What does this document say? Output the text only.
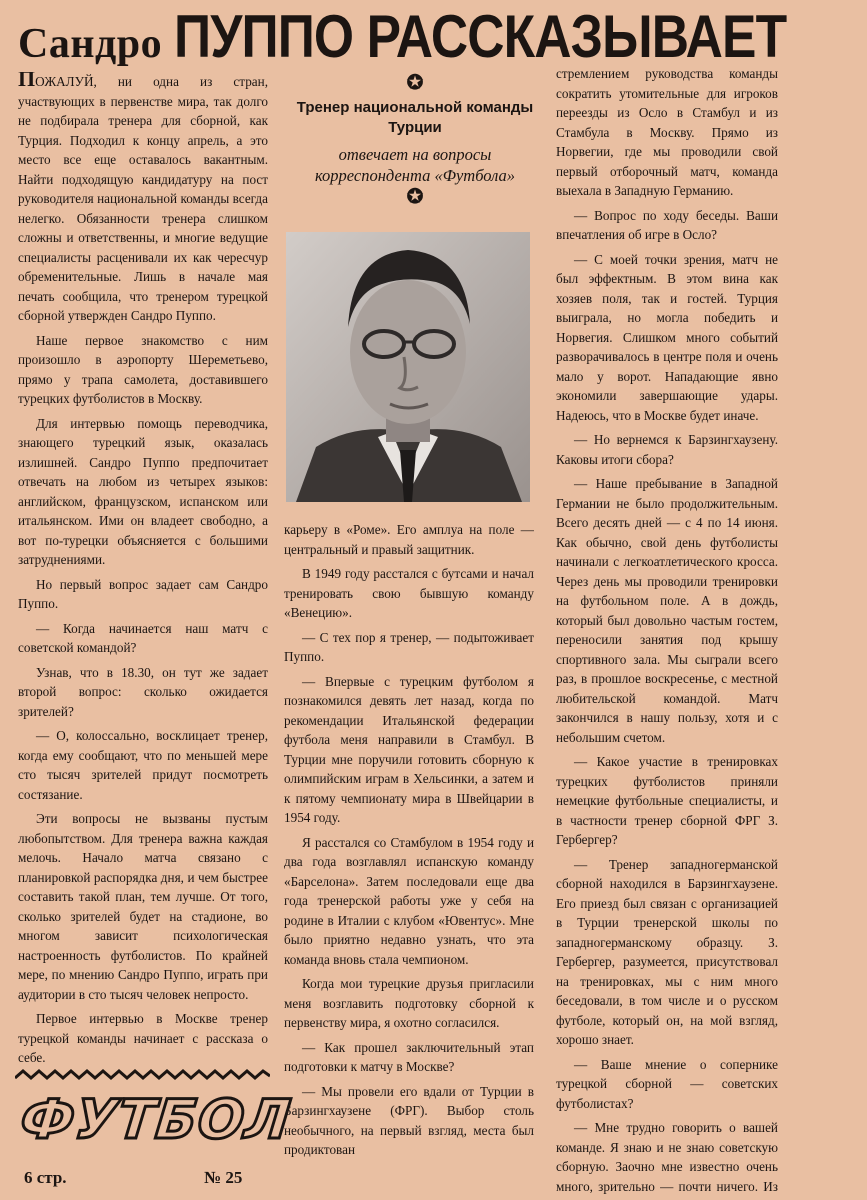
Сандро ПУППО РАССКАЗЫВАЕТ

ПОЖАЛУЙ, ни одна из стран, участвующих в первенстве мира, так долго не подбирала тренера для сборной, как Турция. Подходил к концу апрель, а это место все еще оставалось вакантным. Найти подходящую кандидатуру на пост руководителя национальной команды всегда нелегко. Обязанности тренера слишком сложны и ответственны, и многие ведущие специалисты расценивали их как чересчур обременительные. Лишь в начале мая печать сообщила, что тренером турецкой сборной утвержден Сандро Пуппо.

Наше первое знакомство с ним произошло в аэропорту Шереметьево, прямо у трапа самолета, доставившего турецких футболистов в Москву.

Для интервью помощь переводчика, знающего турецкий язык, оказалась излишней. Сандро Пуппо предпочитает отвечать на любом из четырех языков: английском, французском, испанском или итальянском. Ими он владеет свободно, а вот по-турецки объясняется с большими затруднениями.

Но первый вопрос задает сам Сандро Пуппо.

— Когда начинается наш матч с советской командой?

Узнав, что в 18.30, он тут же задает второй вопрос: сколько ожидается зрителей?

— О, колоссально, восклицает тренер, когда ему сообщают, что по меньшей мере сто тысяч зрителей придут посмотреть состязание.

Эти вопросы не вызваны пустым любопытством. Для тренера важна каждая мелочь. Начало матча связано с планировкой распорядка дня, и чем быстрее составить такой план, тем лучше. От того, сколько зрителей будет на стадионе, во многом зависит психологическая настроенность футболистов. По крайней мере, по мнению Сандро Пуппо, играть при аудитории в сто тысяч человек непросто.

Первое интервью в Москве тренер турецкой команды начинает с рассказа о себе.

✪
Тренер национальной команды Турции
отвечает на вопросы корреспондента «Футбола»
✪

карьеру в «Роме». Его амплуа на поле — центральный и правый защитник.

В 1949 году расстался с бутсами и начал тренировать свою бывшую команду «Венецию».

— С тех пор я тренер, — подытоживает Пуппо.

— Впервые с турецким футболом я познакомился девять лет назад, когда по рекомендации Итальянской федерации футбола меня направили в Стамбул. В Турции мне поручили готовить сборную к олимпийским играм в Хельсинки, а затем и к пятому чемпионату мира в Швейцарии в 1954 году.

Я расстался со Стамбулом в 1954 году и два года возглавлял испанскую команду «Барселона». Затем последовали еще два года тренерской работы уже у себя на родине в Италии с клубом «Ювентус». Мне было приятно недавно узнать, что эта команда вновь стала чемпионом.

Когда мои турецкие друзья пригласили меня возглавить подготовку сборной к первенству мира, я охотно согласился.

— Как прошел заключительный этап подготовки к матчу в Москве?

— Мы провели его вдали от Турции в Барзингхаузене (ФРГ). Выбор столь необычного, на первый взгляд, места был продиктован

стремлением руководства команды сократить утомительные для игроков переезды из Осло в Стамбул и из Стамбула в Москву. Прямо из Норвегии, где мы проводили свой первый отборочный матч, команда выехала в Западную Германию.

— Вопрос по ходу беседы. Ваши впечатления об игре в Осло?

— С моей точки зрения, матч не был эффектным. В этом вина как хозяев поля, так и гостей. Турция выиграла, но могла победить и Норвегия. Слишком много событий разворачивалось в центре поля и очень мало у ворот. Нападающие явно экономили завершающие удары. Надеюсь, что в Москве будет иначе.

— Но вернемся к Барзингхаузену. Каковы итоги сбора?

— Наше пребывание в Западной Германии не было продолжительным. Всего десять дней — с 4 по 14 июня. Как обычно, свой день футболисты начинали с легкоатлетического кросса. Через день мы проводили тренировки на футбольном поле. А в дождь, который был довольно частым гостем, переносили занятия под крышу спортивного зала. Мы сыграли всего раз, в прошлое воскресенье, с местной любительской командой. Матч закончился в нашу пользу, хотя и с небольшим счетом.

— Какое участие в тренировках турецких футболистов приняли немецкие футбольные специалисты, и в частности тренер сборной ФРГ З. Гербергер?

— Тренер западногерманской сборной находился в Барзингхаузене. Его приезд был связан с организацией в Турции тренерской школы по западногерманскому образцу. З. Гербергер, разумеется, присутствовал на тренировках, мы с ним много беседовали, в том числе и о русском футболе, который он, на мой взгляд, хорошо знает.

— Ваше мнение о сопернике турецкой сборной — советских футболистах?

— Мне трудно говорить о вашей команде. Я знаю и не знаю советскую сборную. Заочно мне известно очень много, зрительно — почти ничего. Из

ФУТБОЛ
6 стр.	№ 25
